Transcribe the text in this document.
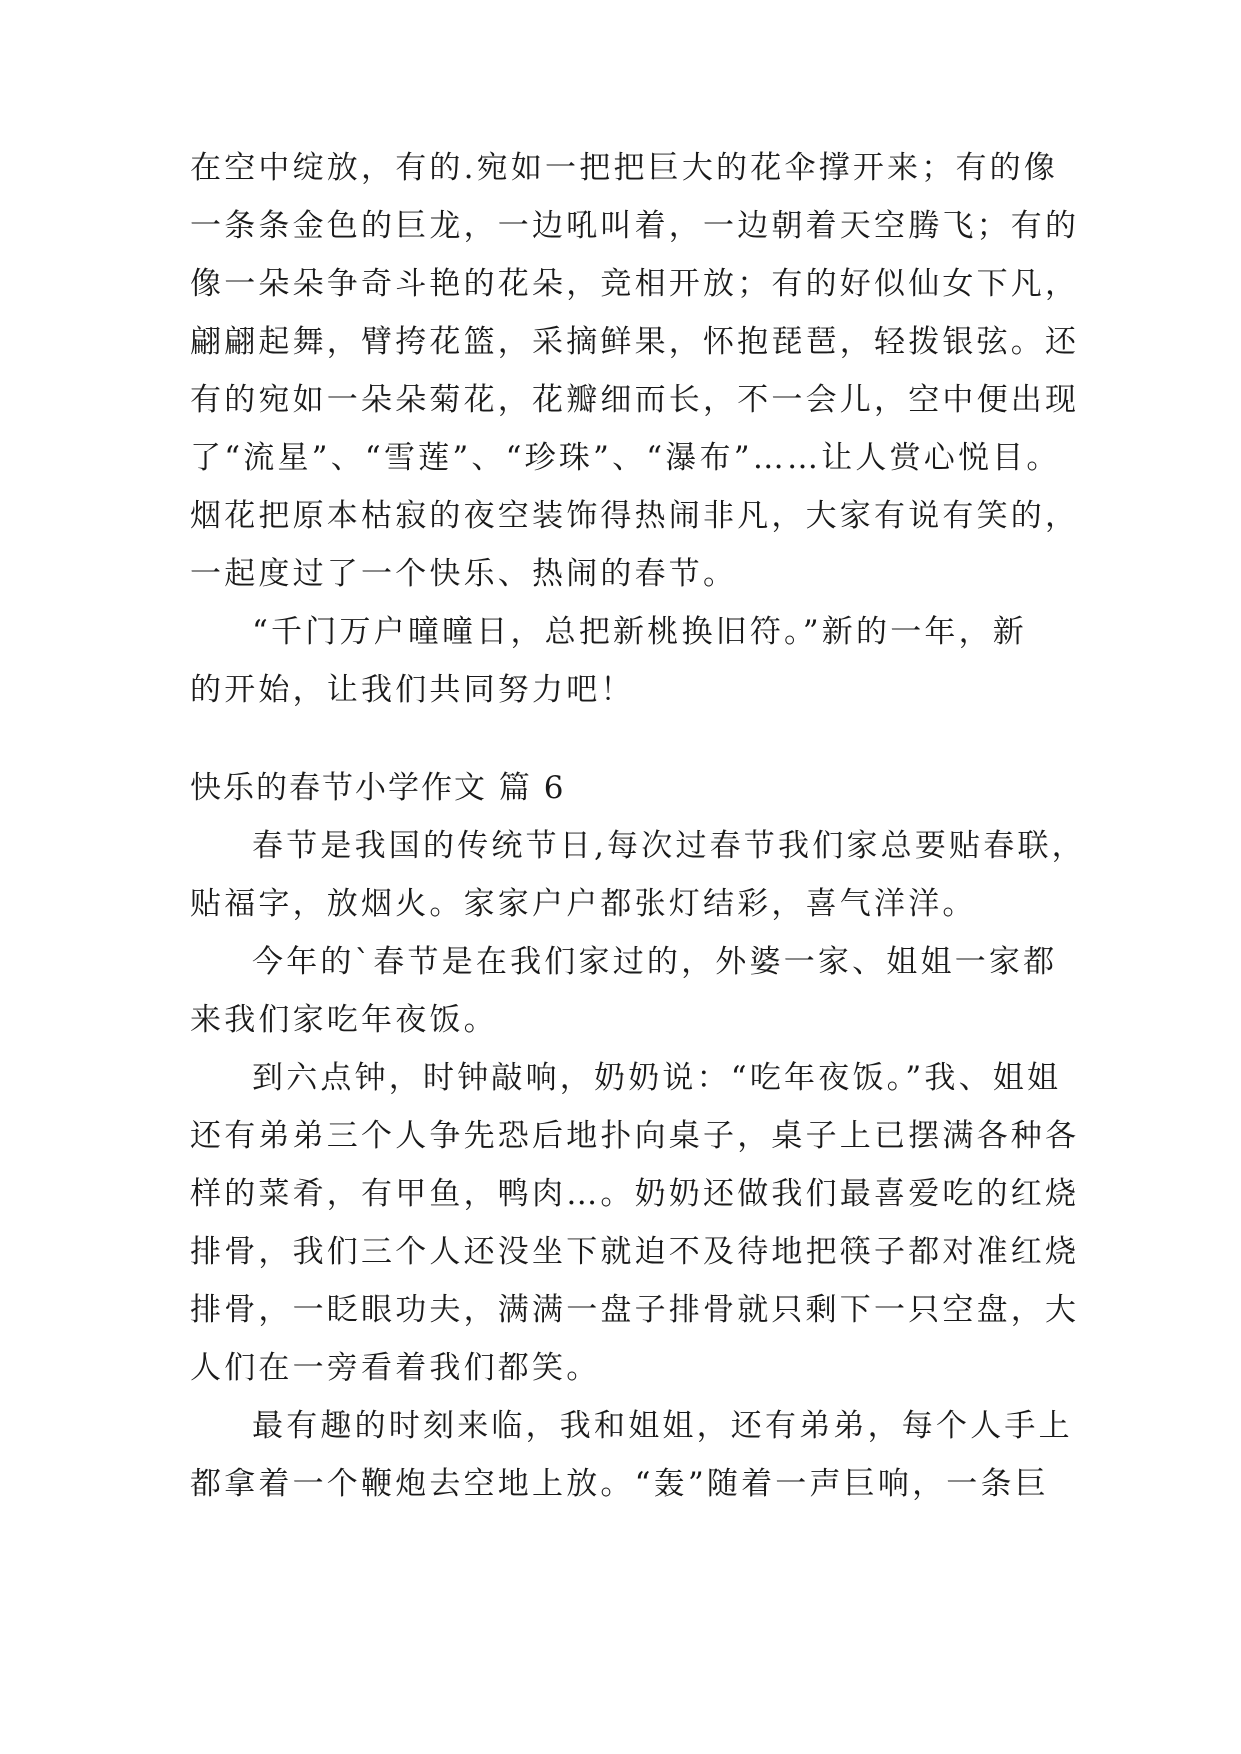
在空中绽放，有的.宛如一把把巨大的花伞撑开来；有的像
一条条金色的巨龙，一边吼叫着，一边朝着天空腾飞；有的
像一朵朵争奇斗艳的花朵，竞相开放；有的好似仙女下凡，
翩翩起舞，臂挎花篮，采摘鲜果，怀抱琵琶，轻拨银弦。还
有的宛如一朵朵菊花，花瓣细而长，不一会儿，空中便出现
了“流星”、“雪莲”、“珍珠”、“瀑布”……让人赏心悦目。
烟花把原本枯寂的夜空装饰得热闹非凡，大家有说有笑的，
一起度过了一个快乐、热闹的春节。
“千门万户曈曈日，总把新桃换旧符。”新的一年，新
的开始，让我们共同努力吧！
快乐的春节小学作文 篇 6
春节是我国的传统节日,每次过春节我们家总要贴春联，
贴福字，放烟火。家家户户都张灯结彩，喜气洋洋。
今年的`春节是在我们家过的，外婆一家、姐姐一家都
来我们家吃年夜饭。
到六点钟，时钟敲响，奶奶说：“吃年夜饭。”我、姐姐
还有弟弟三个人争先恐后地扑向桌子，桌子上已摆满各种各
样的菜肴，有甲鱼，鸭肉…。奶奶还做我们最喜爱吃的红烧
排骨，我们三个人还没坐下就迫不及待地把筷子都对准红烧
排骨，一眨眼功夫，满满一盘子排骨就只剩下一只空盘，大
人们在一旁看着我们都笑。
最有趣的时刻来临，我和姐姐，还有弟弟，每个人手上
都拿着一个鞭炮去空地上放。“轰”随着一声巨响，一条巨
